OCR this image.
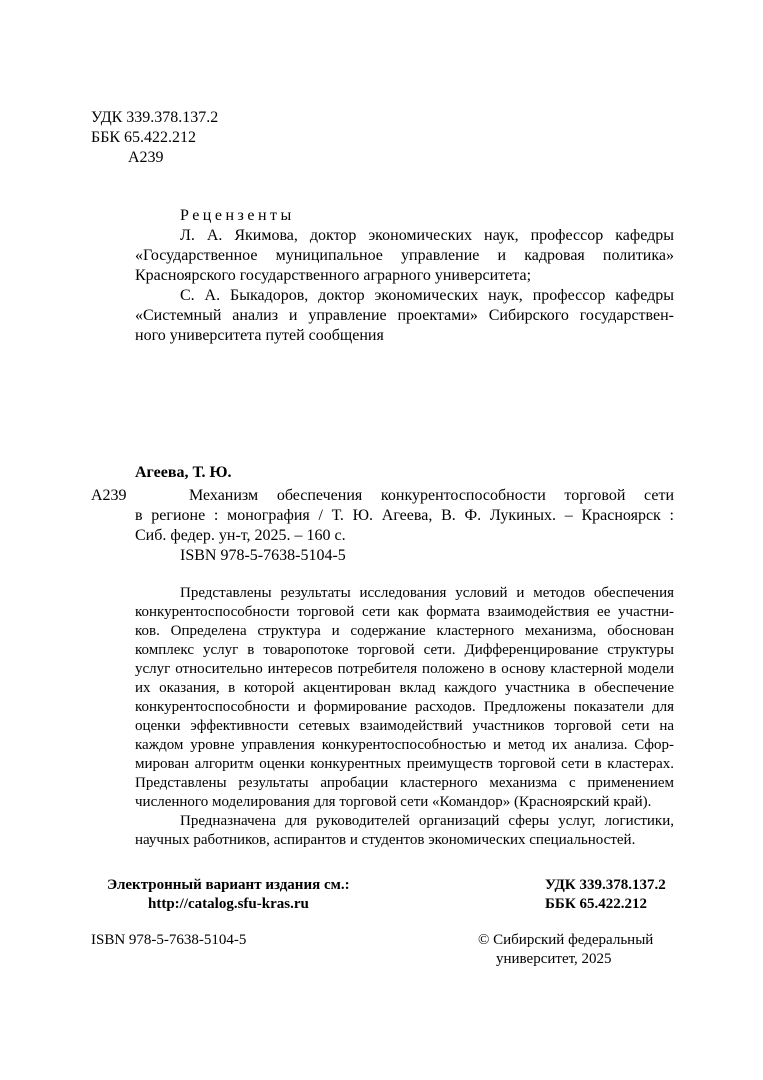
УДК 339.378.137.2
ББК 65.422.212
А239
Рецензенты
Л. А. Якимова, доктор экономических наук, профессор кафедры
«Государственное муниципальное управление и кадровая политика»
Красноярского государственного аграрного университета;
С. А. Быкадоров, доктор экономических наук, профессор кафедры
«Системный анализ и управление проектами» Сибирского государствен-
ного университета путей сообщения
Агеева, Т. Ю.
А239	Механизм обеспечения конкурентоспособности торговой сети
в регионе : монография / Т. Ю. Агеева, В. Ф. Лукиных. – Красноярск :
Сиб. федер. ун-т, 2025. – 160 с.
ISBN 978-5-7638-5104-5
Представлены результаты исследования условий и методов обеспечения
конкурентоспособности торговой сети как формата взаимодействия ее участни-
ков. Определена структура и содержание кластерного механизма, обоснован
комплекс услуг в товаропотоке торговой сети. Дифференцирование структуры
услуг относительно интересов потребителя положено в основу кластерной модели
их оказания, в которой акцентирован вклад каждого участника в обеспечение
конкурентоспособности и формирование расходов. Предложены показатели для
оценки эффективности сетевых взаимодействий участников торговой сети на
каждом уровне управления конкурентоспособностью и метод их анализа. Сфор-
мирован алгоритм оценки конкурентных преимуществ торговой сети в кластерах.
Представлены результаты апробации кластерного механизма с применением
численного моделирования для торговой сети «Командор» (Красноярский край).
Предназначена для руководителей организаций сферы услуг, логистики,
научных работников, аспирантов и студентов экономических специальностей.
Электронный вариант издания см.:
http://catalog.sfu-kras.ru
УДК 339.378.137.2
ББК 65.422.212
ISBN 978-5-7638-5104-5	© Сибирский федеральный
университет, 2025
